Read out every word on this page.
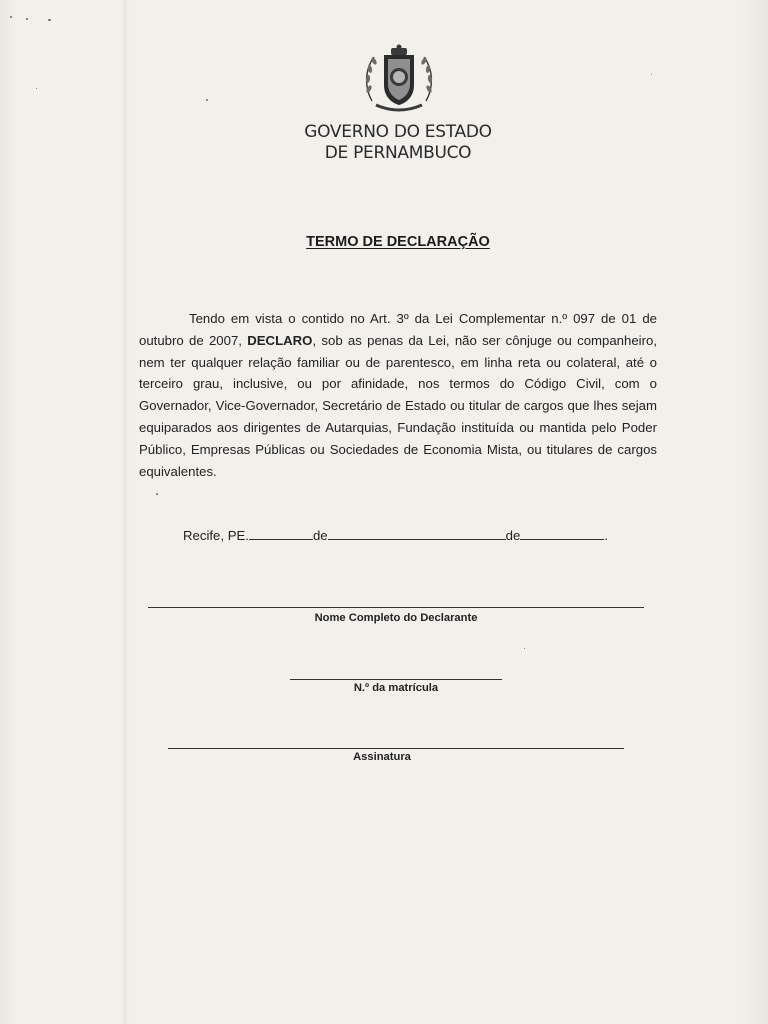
GOVERNO DO ESTADO
DE PERNAMBUCO
TERMO DE DECLARAÇÃO
Tendo em vista o contido no Art. 3º da Lei Complementar n.º 097 de 01 de outubro de 2007, DECLARO, sob as penas da Lei, não ser cônjuge ou companheiro, nem ter qualquer relação familiar ou de parentesco, em linha reta ou colateral, até o terceiro grau, inclusive, ou por afinidade, nos termos do Código Civil, com o Governador, Vice-Governador, Secretário de Estado ou titular de cargos que lhes sejam equiparados aos dirigentes de Autarquias, Fundação instituída ou mantida pelo Poder Público, Empresas Públicas ou Sociedades de Economia Mista, ou titulares de cargos equivalentes.
Recife, PE.	de	de	.
Nome Completo do Declarante
N.º da matrícula
Assinatura
